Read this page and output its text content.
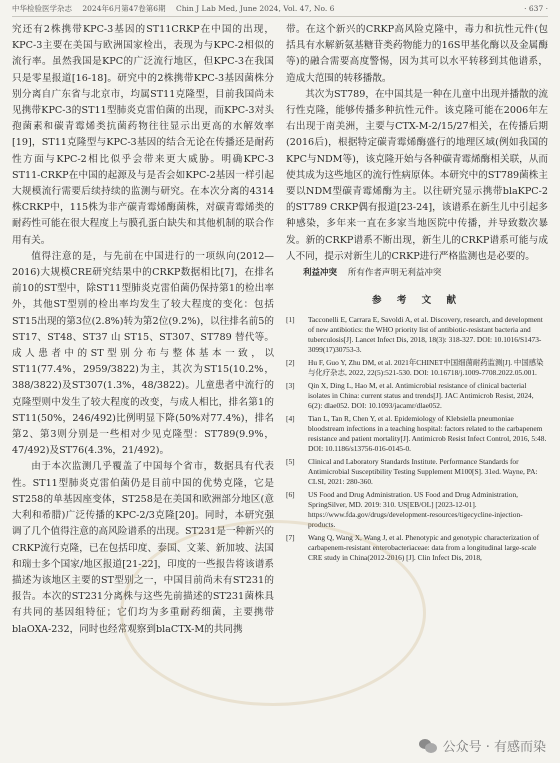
中华检验医学杂志 2024年6月第47卷第6期 Chin J Lab Med, June 2024, Vol. 47, No. 6	· 637 ·

究还有2株携带KPC-3基因的ST11CRKP在中国的出现，KPC-3主要在美国与欧洲国家检出，表现为与KPC-2相似的流行率。虽然我国是KPC的广泛流行地区，但KPC-3在我国只是零星报道[16-18]。研究中的2株携带KPC-3基因菌株分别分离自广东省与北京市，均属ST11克隆型，目前我国尚未见携带KPC-3的ST11型肺炎克雷伯菌的出现，而KPC-3对头孢菌素和碳青霉烯类抗菌药物往往显示出更高的水解效率[19]，ST11克隆型与KPC-3基因的结合无论在传播还是耐药性方面与KPC-2相比似乎会带来更大威胁。明确KPC-3 ST11-CRKP在中国的起源及与是否会如KPC-2基因一样引起大规模流行需要后续持续的监测与研究。在本次分离的4314株CRKP中，115株为非产碳青霉烯酶菌株，对碳青霉烯类的耐药性可能在很大程度上与膜孔蛋白缺失和其他机制的联合作用有关。

值得注意的是，与先前在中国进行的一项纵向(2012—2016)大规模CRE研究结果中的CRKP数据相比[7]，在排名前10的ST型中，除ST11型肺炎克雷伯菌仍保持第1的检出率外，其他ST型别的检出率均发生了较大程度的变化：包括ST15出现的第3位(2.8%)转为第2位(9.2%)，以往排名前5的ST17、ST48、ST37 山 ST15、ST307、ST789 替代等。成人患者中的ST型别分布与整体基本一致，以ST11(77.4%，2959/3822)为主，其次为ST15(10.2%，388/3822)及ST307(1.3%，48/3822)。儿童患者中流行的克隆型则中发生了较大程度的改变，与成人相比，排名第1的ST11(50%，246/492)比例明显下降(50%对77.4%)，排名第2、第3则分别是一些相对少见克隆型：ST789(9.9%，47/492)及ST76(4.3%，21/492)。

由于本次监测几乎覆盖了中国每个省市，数据具有代表性。ST11型肺炎克雷伯菌仍是目前中国的优势克隆，它是ST258的单基因座变体，ST258是在美国和欧洲部分地区(意大利和希腊)广泛传播的KPC-2/3克隆[20]。同时，本研究强调了几个值得注意的高风险谱系的出现。ST231是一种新兴的CRKP流行克隆，已在包括印度、泰国、文莱、新加坡、法国和瑞士多个国家/地区报道[21-22]，印度的一些报告将该谱系描述为该地区主要的ST型别之一，中国目前尚未有ST231的报告。本次的ST231分离株与这些先前描述的ST231菌株具有共同的基因组特征；它们均为多重耐药细菌，主要携带blaOXA-232，同时也经常观察到blaCTX-M的共同携

带。在这个新兴的CRKP高风险克隆中，毒力和抗性元件(包括具有水解新氨基糖苷类药物能力的16S甲基化酶以及金属酶等)的融合需要高度警惕，因为其可以水平转移到其他谱系，造成大范围的转移播散。

其次为ST789，在中国其是一种在儿童中出现并播散的流行性克隆，能够传播多种抗性元件。该克隆可能在2006年左右出现于南美洲，主要与CTX-M-2/15/27相关，在传播后期(2016后)，根据特定碳青霉烯酶盛行的地理区域(例如我国的KPC与NDM等)，该克隆开始与各种碳青霉烯酶相关联，从而使其成为这些地区的流行性病原体。本研究中的ST789菌株主要以NDM型碳青霉烯酶为主。以往研究显示携带blaKPC-2的ST789 CRKP偶有报道[23-24]，该谱系在新生儿中引起多种感染，多年来一直在多家当地医院中传播，并导致数次暴发。新的CRKP谱系不断出现，新生儿的CRKP谱系可能与成人不同，提示对新生儿的CRKP进行严格监测也是必要的。

利益冲突 所有作者声明无利益冲突

参 考 文 献
[1]	Tacconelli E, Carrara E, Savoldi A, et al. Discovery, research, and development of new antibiotics: the WHO priority list of antibiotic-resistant bacteria and tuberculosis[J]. Lancet Infect Dis, 2018, 18(3): 318-327. DOI: 10.1016/S1473-3099(17)30753-3.
[2]	Hu F, Guo Y, Zhu DM, et al. 2021年CHINET中国细菌耐药监测[J]. 中国感染与化疗杂志, 2022, 22(5):521-530. DOI: 10.16718/j.1009-7708.2022.05.001.
[3]	Qin X, Ding L, Hao M, et al. Antimicrobial resistance of clinical bacterial isolates in China: current status and trends[J]. JAC Antimicrob Resist, 2024, 6(2): dlae052. DOI: 10.1093/jacamr/dlae052.
[4]	Tian L, Tan R, Chen Y, et al. Epidemiology of Klebsiella pneumoniae bloodstream infections in a teaching hospital: factors related to the carbapenem resistance and patient mortality[J]. Antimicrob Resist Infect Control, 2016, 5:48. DOI: 10.1186/s13756-016-0145-0.
[5]	Clinical and Laboratory Standards Institute. Performance Standards for Antimicrobial Susceptibility Testing Supplement M100[S]. 31ed. Wayne, PA: CLSI, 2021: 280-360.
[6]	US Food and Drug Administration. US Food and Drug Administration, SpringSilver, MD. 2019: 310. US[EB/OL] [2023-12-01]. https://www.fda.gov/drugs/development-resources/tigecycline-injection-products.
[7]	Wang Q, Wang X, Wang J, et al. Phenotypic and genotypic characterization of carbapenem-resistant enterobacteriaceae: data from a longitudinal large-scale CRE study in China(2012-2016) [J]. Clin Infect Dis, 2018,
公众号 · 有感而染
